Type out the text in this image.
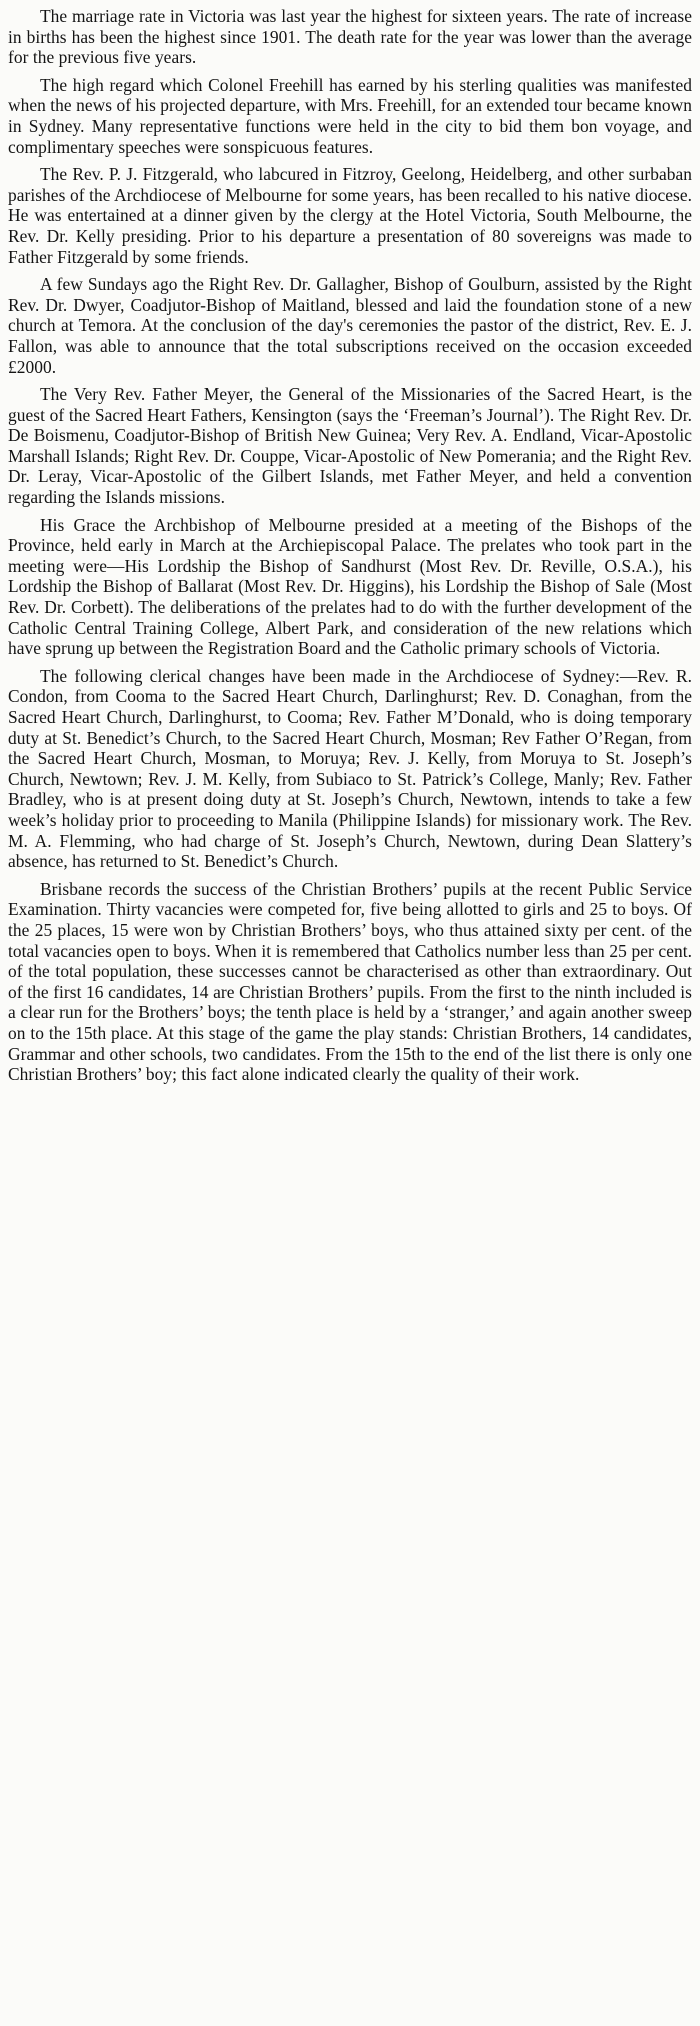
The marriage rate in Victoria was last year the highest for sixteen years. The rate of increase in births has been the highest since 1901. The death rate for the year was lower than the average for the previous five years.

The high regard which Colonel Freehill has earned by his sterling qualities was manifested when the news of his projected departure, with Mrs. Freehill, for an extended tour became known in Sydney. Many representative functions were held in the city to bid them bon voyage, and complimentary speeches were sonspicuous features.

The Rev. P. J. Fitzgerald, who labcured in Fitzroy, Geelong, Heidelberg, and other surbaban parishes of the Archdiocese of Melbourne for some years, has been recalled to his native diocese. He was entertained at a dinner given by the clergy at the Hotel Victoria, South Melbourne, the Rev. Dr. Kelly presiding. Prior to his departure a presentation of 80 sovereigns was made to Father Fitzgerald by some friends.

A few Sundays ago the Right Rev. Dr. Gallagher, Bishop of Goulburn, assisted by the Right Rev. Dr. Dwyer, Coadjutor-Bishop of Maitland, blessed and laid the foundation stone of a new church at Temora. At the conclusion of the day's ceremonies the pastor of the district, Rev. E. J. Fallon, was able to announce that the total subscriptions received on the occasion exceeded £2000.

The Very Rev. Father Meyer, the General of the Missionaries of the Sacred Heart, is the guest of the Sacred Heart Fathers, Kensington (says the ‘Freeman’s Journal’). The Right Rev. Dr. De Boismenu, Coadjutor-Bishop of British New Guinea; Very Rev. A. Endland, Vicar-Apostolic Marshall Islands; Right Rev. Dr. Couppe, Vicar-Apostolic of New Pomerania; and the Right Rev. Dr. Leray, Vicar-Apostolic of the Gilbert Islands, met Father Meyer, and held a convention regarding the Islands missions.

His Grace the Archbishop of Melbourne presided at a meeting of the Bishops of the Province, held early in March at the Archiepiscopal Palace. The prelates who took part in the meeting were—His Lordship the Bishop of Sandhurst (Most Rev. Dr. Reville, O.S.A.), his Lordship the Bishop of Ballarat (Most Rev. Dr. Higgins), his Lordship the Bishop of Sale (Most Rev. Dr. Corbett). The deliberations of the prelates had to do with the further development of the Catholic Central Training College, Albert Park, and consideration of the new relations which have sprung up between the Registration Board and the Catholic primary schools of Victoria.

The following clerical changes have been made in the Archdiocese of Sydney:—Rev. R. Condon, from Cooma to the Sacred Heart Church, Darlinghurst; Rev. D. Conaghan, from the Sacred Heart Church, Darlinghurst, to Cooma; Rev. Father M’Donald, who is doing temporary duty at St. Benedict’s Church, to the Sacred Heart Church, Mosman; Rev Father O’Regan, from the Sacred Heart Church, Mosman, to Moruya; Rev. J. Kelly, from Moruya to St. Joseph’s Church, Newtown; Rev. J. M. Kelly, from Subiaco to St. Patrick’s College, Manly; Rev. Father Bradley, who is at present doing duty at St. Joseph’s Church, Newtown, intends to take a few week’s holiday prior to proceeding to Manila (Philippine Islands) for missionary work. The Rev. M. A. Flemming, who had charge of St. Joseph’s Church, Newtown, during Dean Slattery’s absence, has returned to St. Benedict’s Church.

Brisbane records the success of the Christian Brothers’ pupils at the recent Public Service Examination. Thirty vacancies were competed for, five being allotted to girls and 25 to boys. Of the 25 places, 15 were won by Christian Brothers’ boys, who thus attained sixty per cent. of the total vacancies open to boys. When it is remembered that Catholics number less than 25 per cent. of the total population, these successes cannot be characterised as other than extraordinary. Out of the first 16 candidates, 14 are Christian Brothers’ pupils. From the first to the ninth included is a clear run for the Brothers’ boys; the tenth place is held by a ‘stranger,’ and again another sweep on to the 15th place. At this stage of the game the play stands: Christian Brothers, 14 candidates, Grammar and other schools, two candidates. From the 15th to the end of the list there is only one Christian Brothers’ boy; this fact alone indicated clearly the quality of their work.
